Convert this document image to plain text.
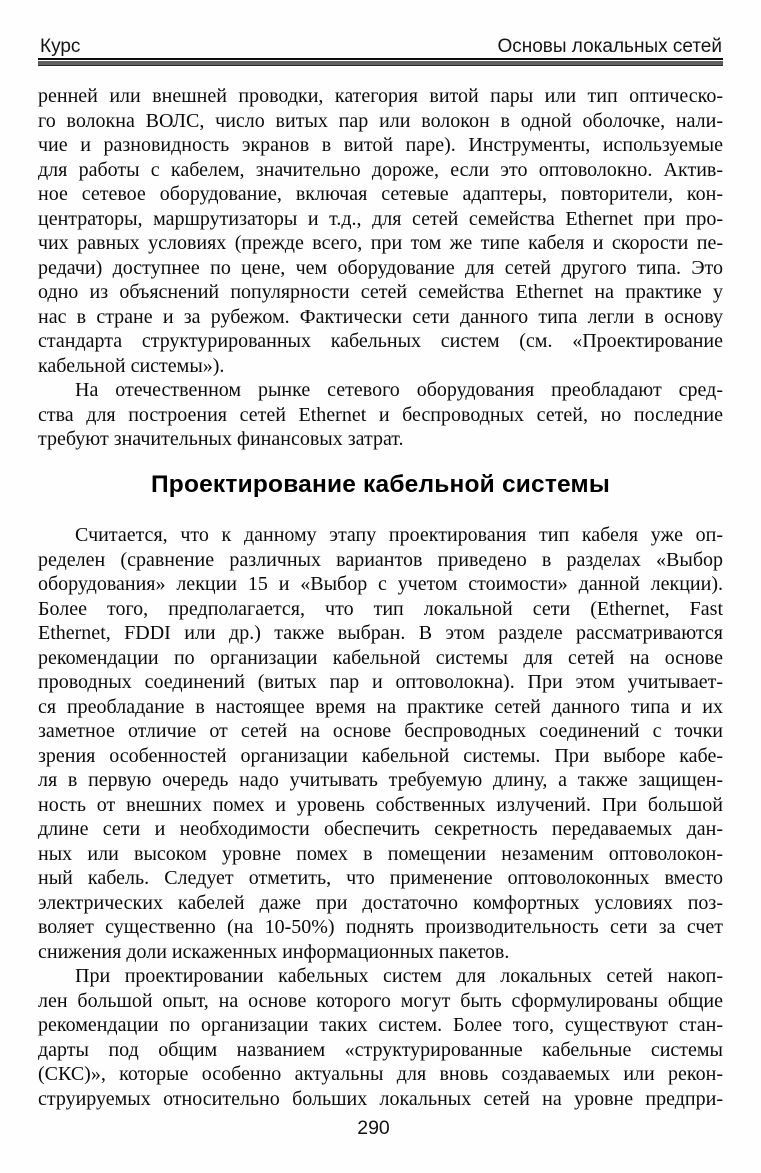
Курс	Основы локальных сетей
ренней или внешней проводки, категория витой пары или тип оптическо-
го волокна ВОЛС, число витых пар или волокон в одной оболочке, нали-
чие и разновидность экранов в витой паре). Инструменты, используемые
для работы с кабелем, значительно дороже, если это оптоволокно. Актив-
ное сетевое оборудование, включая сетевые адаптеры, повторители, кон-
центраторы, маршрутизаторы и т.д., для сетей семейства Ethernet при про-
чих равных условиях (прежде всего, при том же типе кабеля и скорости пе-
редачи) доступнее по цене, чем оборудование для сетей другого типа. Это
одно из объяснений популярности сетей семейства Ethernet на практике у
нас в стране и за рубежом. Фактически сети данного типа легли в основу
стандарта структурированных кабельных систем (см. «Проектирование
кабельной системы»).
На отечественном рынке сетевого оборудования преобладают сред-
ства для построения сетей Ethernet и беспроводных сетей, но последние
требуют значительных финансовых затрат.
Проектирование кабельной системы
Считается, что к данному этапу проектирования тип кабеля уже оп-
ределен (сравнение различных вариантов приведено в разделах «Выбор
оборудования» лекции 15 и «Выбор с учетом стоимости» данной лекции).
Более того, предполагается, что тип локальной сети (Ethernet, Fast
Ethernet, FDDI или др.) также выбран. В этом разделе рассматриваются
рекомендации по организации кабельной системы для сетей на основе
проводных соединений (витых пар и оптоволокна). При этом учитывает-
ся преобладание в настоящее время на практике сетей данного типа и их
заметное отличие от сетей на основе беспроводных соединений с точки
зрения особенностей организации кабельной системы. При выборе кабе-
ля в первую очередь надо учитывать требуемую длину, а также защищен-
ность от внешних помех и уровень собственных излучений. При большой
длине сети и необходимости обеспечить секретность передаваемых дан-
ных или высоком уровне помех в помещении незаменим оптоволокон-
ный кабель. Следует отметить, что применение оптоволоконных вместо
электрических кабелей даже при достаточно комфортных условиях поз-
воляет существенно (на 10-50%) поднять производительность сети за счет
снижения доли искаженных информационных пакетов.
При проектировании кабельных систем для локальных сетей накоп-
лен большой опыт, на основе которого могут быть сформулированы общие
рекомендации по организации таких систем. Более того, существуют стан-
дарты под общим названием «структурированные кабельные системы
(СКС)», которые особенно актуальны для вновь создаваемых или рекон-
струируемых относительно больших локальных сетей на уровне предпри-
290
